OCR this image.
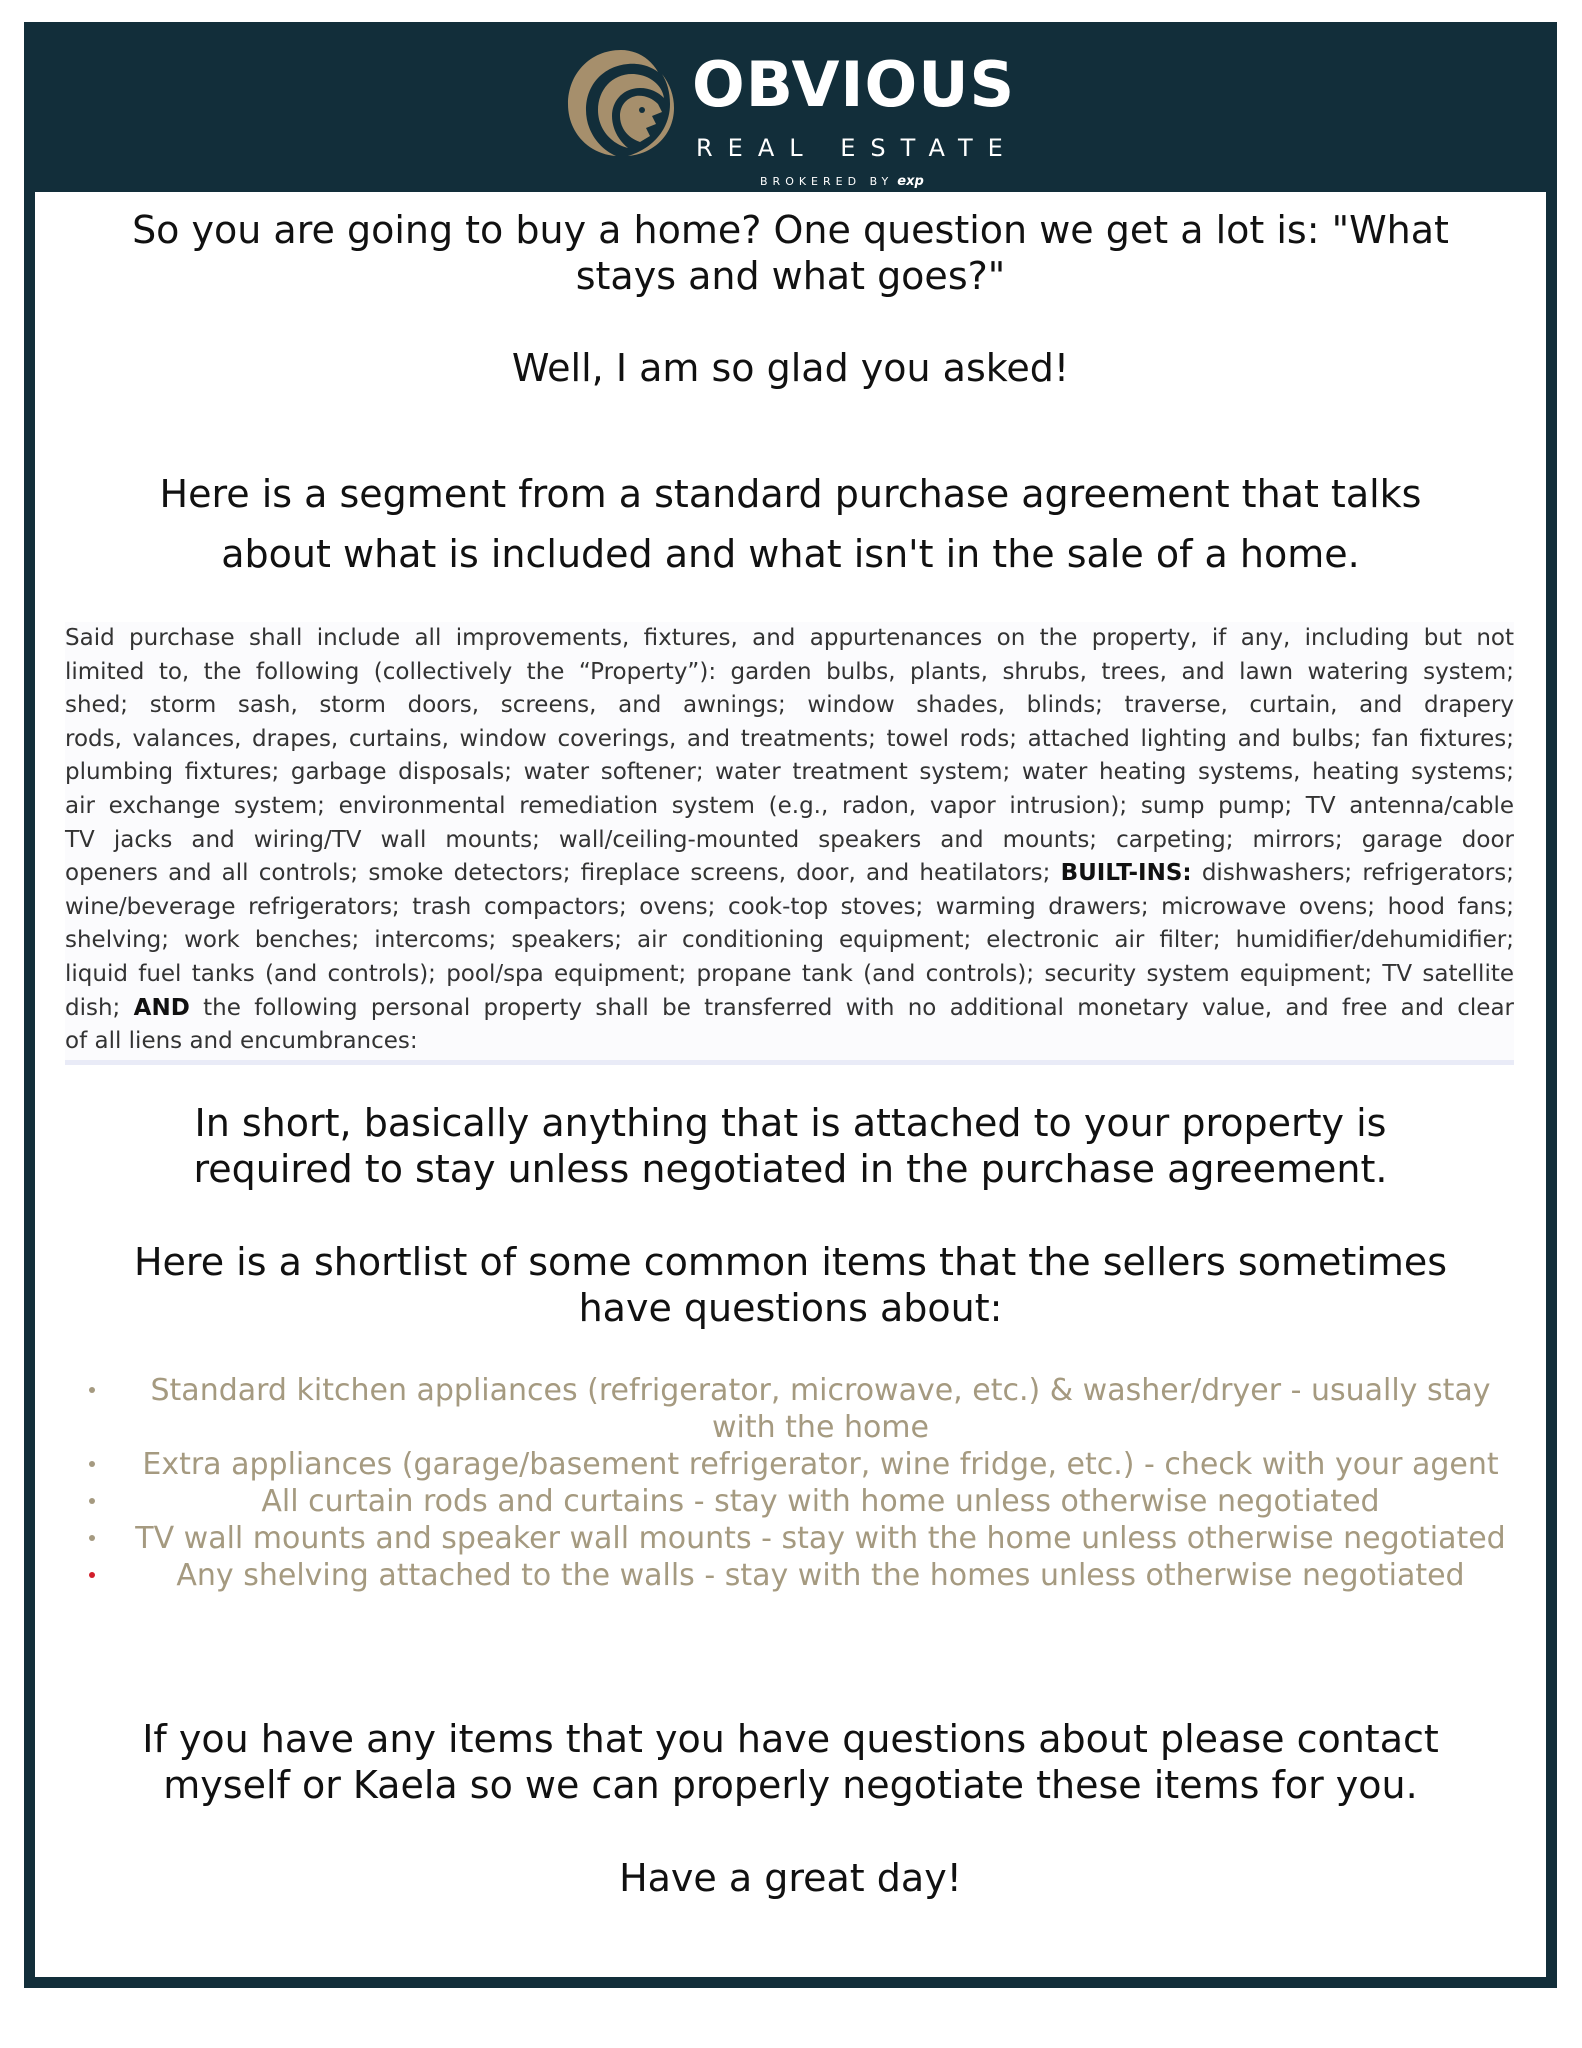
OBVIOUS
REAL ESTATE
BROKERED BY exp

So you are going to buy a home? One question we get a lot is: "What
stays and what goes?"

Well, I am so glad you asked!

Here is a segment from a standard purchase agreement that talks
about what is included and what isn't in the sale of a home.

Said purchase shall include all improvements, fixtures, and appurtenances on the property, if any, including but not
limited to, the following (collectively the “Property”): garden bulbs, plants, shrubs, trees, and lawn watering system;
shed; storm sash, storm doors, screens, and awnings; window shades, blinds; traverse, curtain, and drapery
rods, valances, drapes, curtains, window coverings, and treatments; towel rods; attached lighting and bulbs; fan fixtures;
plumbing fixtures; garbage disposals; water softener; water treatment system; water heating systems, heating systems;
air exchange system; environmental remediation system (e.g., radon, vapor intrusion); sump pump; TV antenna/cable
TV jacks and wiring/TV wall mounts; wall/ceiling-mounted speakers and mounts; carpeting; mirrors; garage door
openers and all controls; smoke detectors; fireplace screens, door, and heatilators; BUILT-INS: dishwashers; refrigerators;
wine/beverage refrigerators; trash compactors; ovens; cook-top stoves; warming drawers; microwave ovens; hood fans;
shelving; work benches; intercoms; speakers; air conditioning equipment; electronic air filter; humidifier/dehumidifier;
liquid fuel tanks (and controls); pool/spa equipment; propane tank (and controls); security system equipment; TV satellite
dish; AND the following personal property shall be transferred with no additional monetary value, and free and clear
of all liens and encumbrances:

In short, basically anything that is attached to your property is
required to stay unless negotiated in the purchase agreement.

Here is a shortlist of some common items that the sellers sometimes
have questions about:

Standard kitchen appliances (refrigerator, microwave, etc.) & washer/dryer - usually stay with the home
Extra appliances (garage/basement refrigerator, wine fridge, etc.) - check with your agent
All curtain rods and curtains - stay with home unless otherwise negotiated
TV wall mounts and speaker wall mounts - stay with the home unless otherwise negotiated
Any shelving attached to the walls - stay with the homes unless otherwise negotiated

If you have any items that you have questions about please contact
myself or Kaela so we can properly negotiate these items for you.

Have a great day!
